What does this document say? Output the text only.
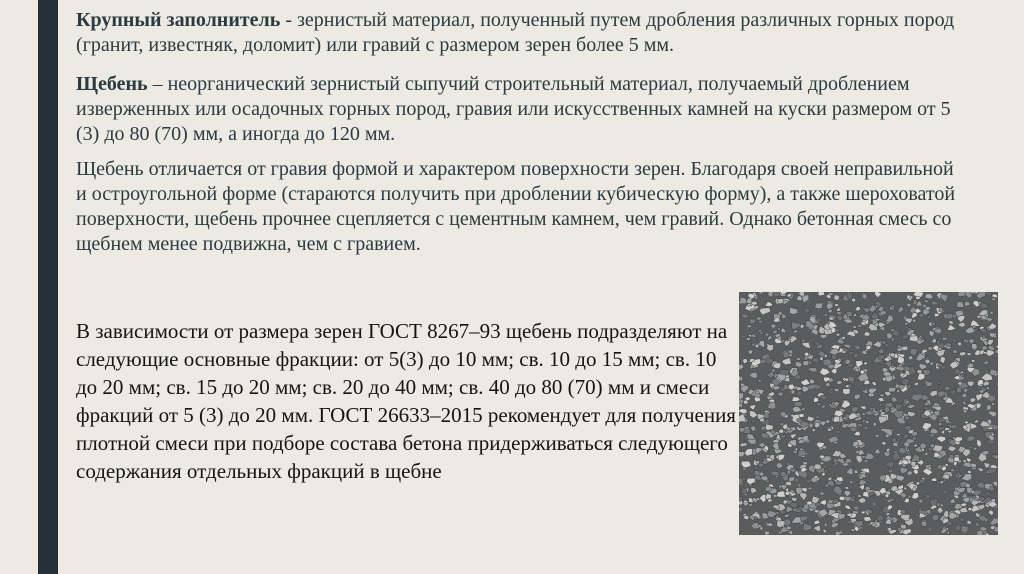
Крупный заполнитель - зернистый материал, полученный путем дробления различных горных пород (гранит, известняк, доломит) или гравий с размером зерен более 5 мм.

Щебень – неорганический зернистый сыпучий строительный материал, получаемый дроблением изверженных или осадочных горных пород, гравия или искусственных камней на куски размером от 5 (3) до 80 (70) мм, а иногда до 120 мм.

Щебень отличается от гравия формой и характером поверхности зерен. Благодаря своей неправильной и остроугольной форме (стараются получить при дроблении кубическую форму), а также шероховатой поверхности, щебень прочнее сцепляется с цементным камнем, чем гравий. Однако бетонная смесь со щебнем менее подвижна, чем с гравием.

В зависимости от размера зерен ГОСТ 8267–93 щебень подразделяют на следующие основные фракции: от 5(3) до 10 мм; св. 10 до 15 мм; св. 10 до 20 мм; св. 15 до 20 мм; св. 20 до 40 мм; св. 40 до 80 (70) мм и смеси фракций от 5 (3) до 20 мм. ГОСТ 26633–2015 рекомендует для получения плотной смеси при подборе состава бетона придерживаться следующего содержания отдельных фракций в щебне
